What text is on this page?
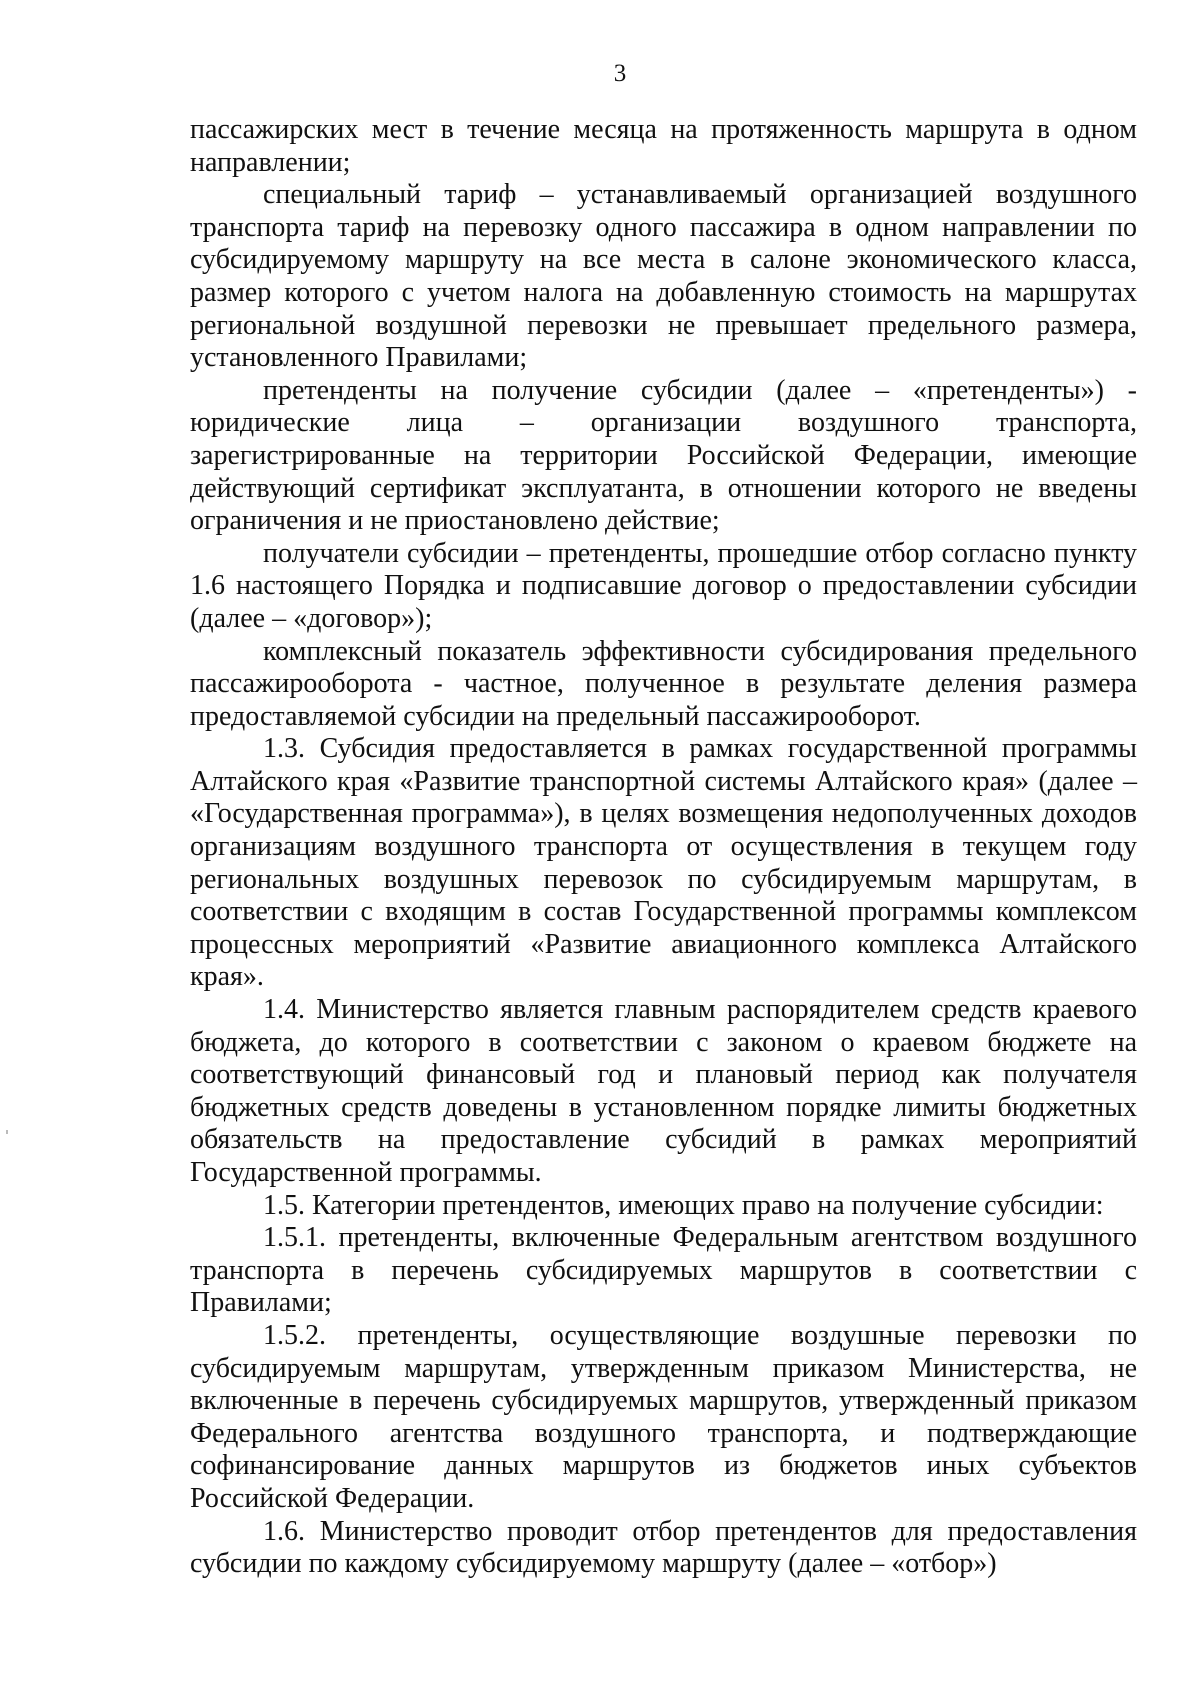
3

пассажирских мест в течение месяца на протяженность маршрута в одном направлении;

специальный тариф – устанавливаемый организацией воздушного транспорта тариф на перевозку одного пассажира в одном направлении по субсидируемому маршруту на все места в салоне экономического класса, размер которого с учетом налога на добавленную стоимость на маршрутах региональной воздушной перевозки не превышает предельного размера, установленного Правилами;

претенденты на получение субсидии (далее – «претенденты») - юридические лица – организации воздушного транспорта, зарегистрированные на территории Российской Федерации, имеющие действующий сертификат эксплуатанта, в отношении которого не введены ограничения и не приостановлено действие;

получатели субсидии – претенденты, прошедшие отбор согласно пункту 1.6 настоящего Порядка и подписавшие договор о предоставлении субсидии (далее – «договор»);

комплексный показатель эффективности субсидирования предельного пассажирооборота - частное, полученное в результате деления размера предоставляемой субсидии на предельный пассажирооборот.

1.3. Субсидия предоставляется в рамках государственной программы Алтайского края «Развитие транспортной системы Алтайского края» (далее – «Государственная программа»), в целях возмещения недополученных доходов организациям воздушного транспорта от осуществления в текущем году региональных воздушных перевозок по субсидируемым маршрутам, в соответствии с входящим в состав Государственной программы комплексом процессных мероприятий «Развитие авиационного комплекса Алтайского края».

1.4. Министерство является главным распорядителем средств краевого бюджета, до которого в соответствии с законом о краевом бюджете на соответствующий финансовый год и плановый период как получателя бюджетных средств доведены в установленном порядке лимиты бюджетных обязательств на предоставление субсидий в рамках мероприятий Государственной программы.

1.5. Категории претендентов, имеющих право на получение субсидии:

1.5.1. претенденты, включенные Федеральным агентством воздушного транспорта в перечень субсидируемых маршрутов в соответствии с Правилами;

1.5.2. претенденты, осуществляющие воздушные перевозки по субсидируемым маршрутам, утвержденным приказом Министерства, не включенные в перечень субсидируемых маршрутов, утвержденный приказом Федерального агентства воздушного транспорта, и подтверждающие софинансирование данных маршрутов из бюджетов иных субъектов Российской Федерации.

1.6. Министерство проводит отбор претендентов для предоставления субсидии по каждому субсидируемому маршруту (далее – «отбор»)
